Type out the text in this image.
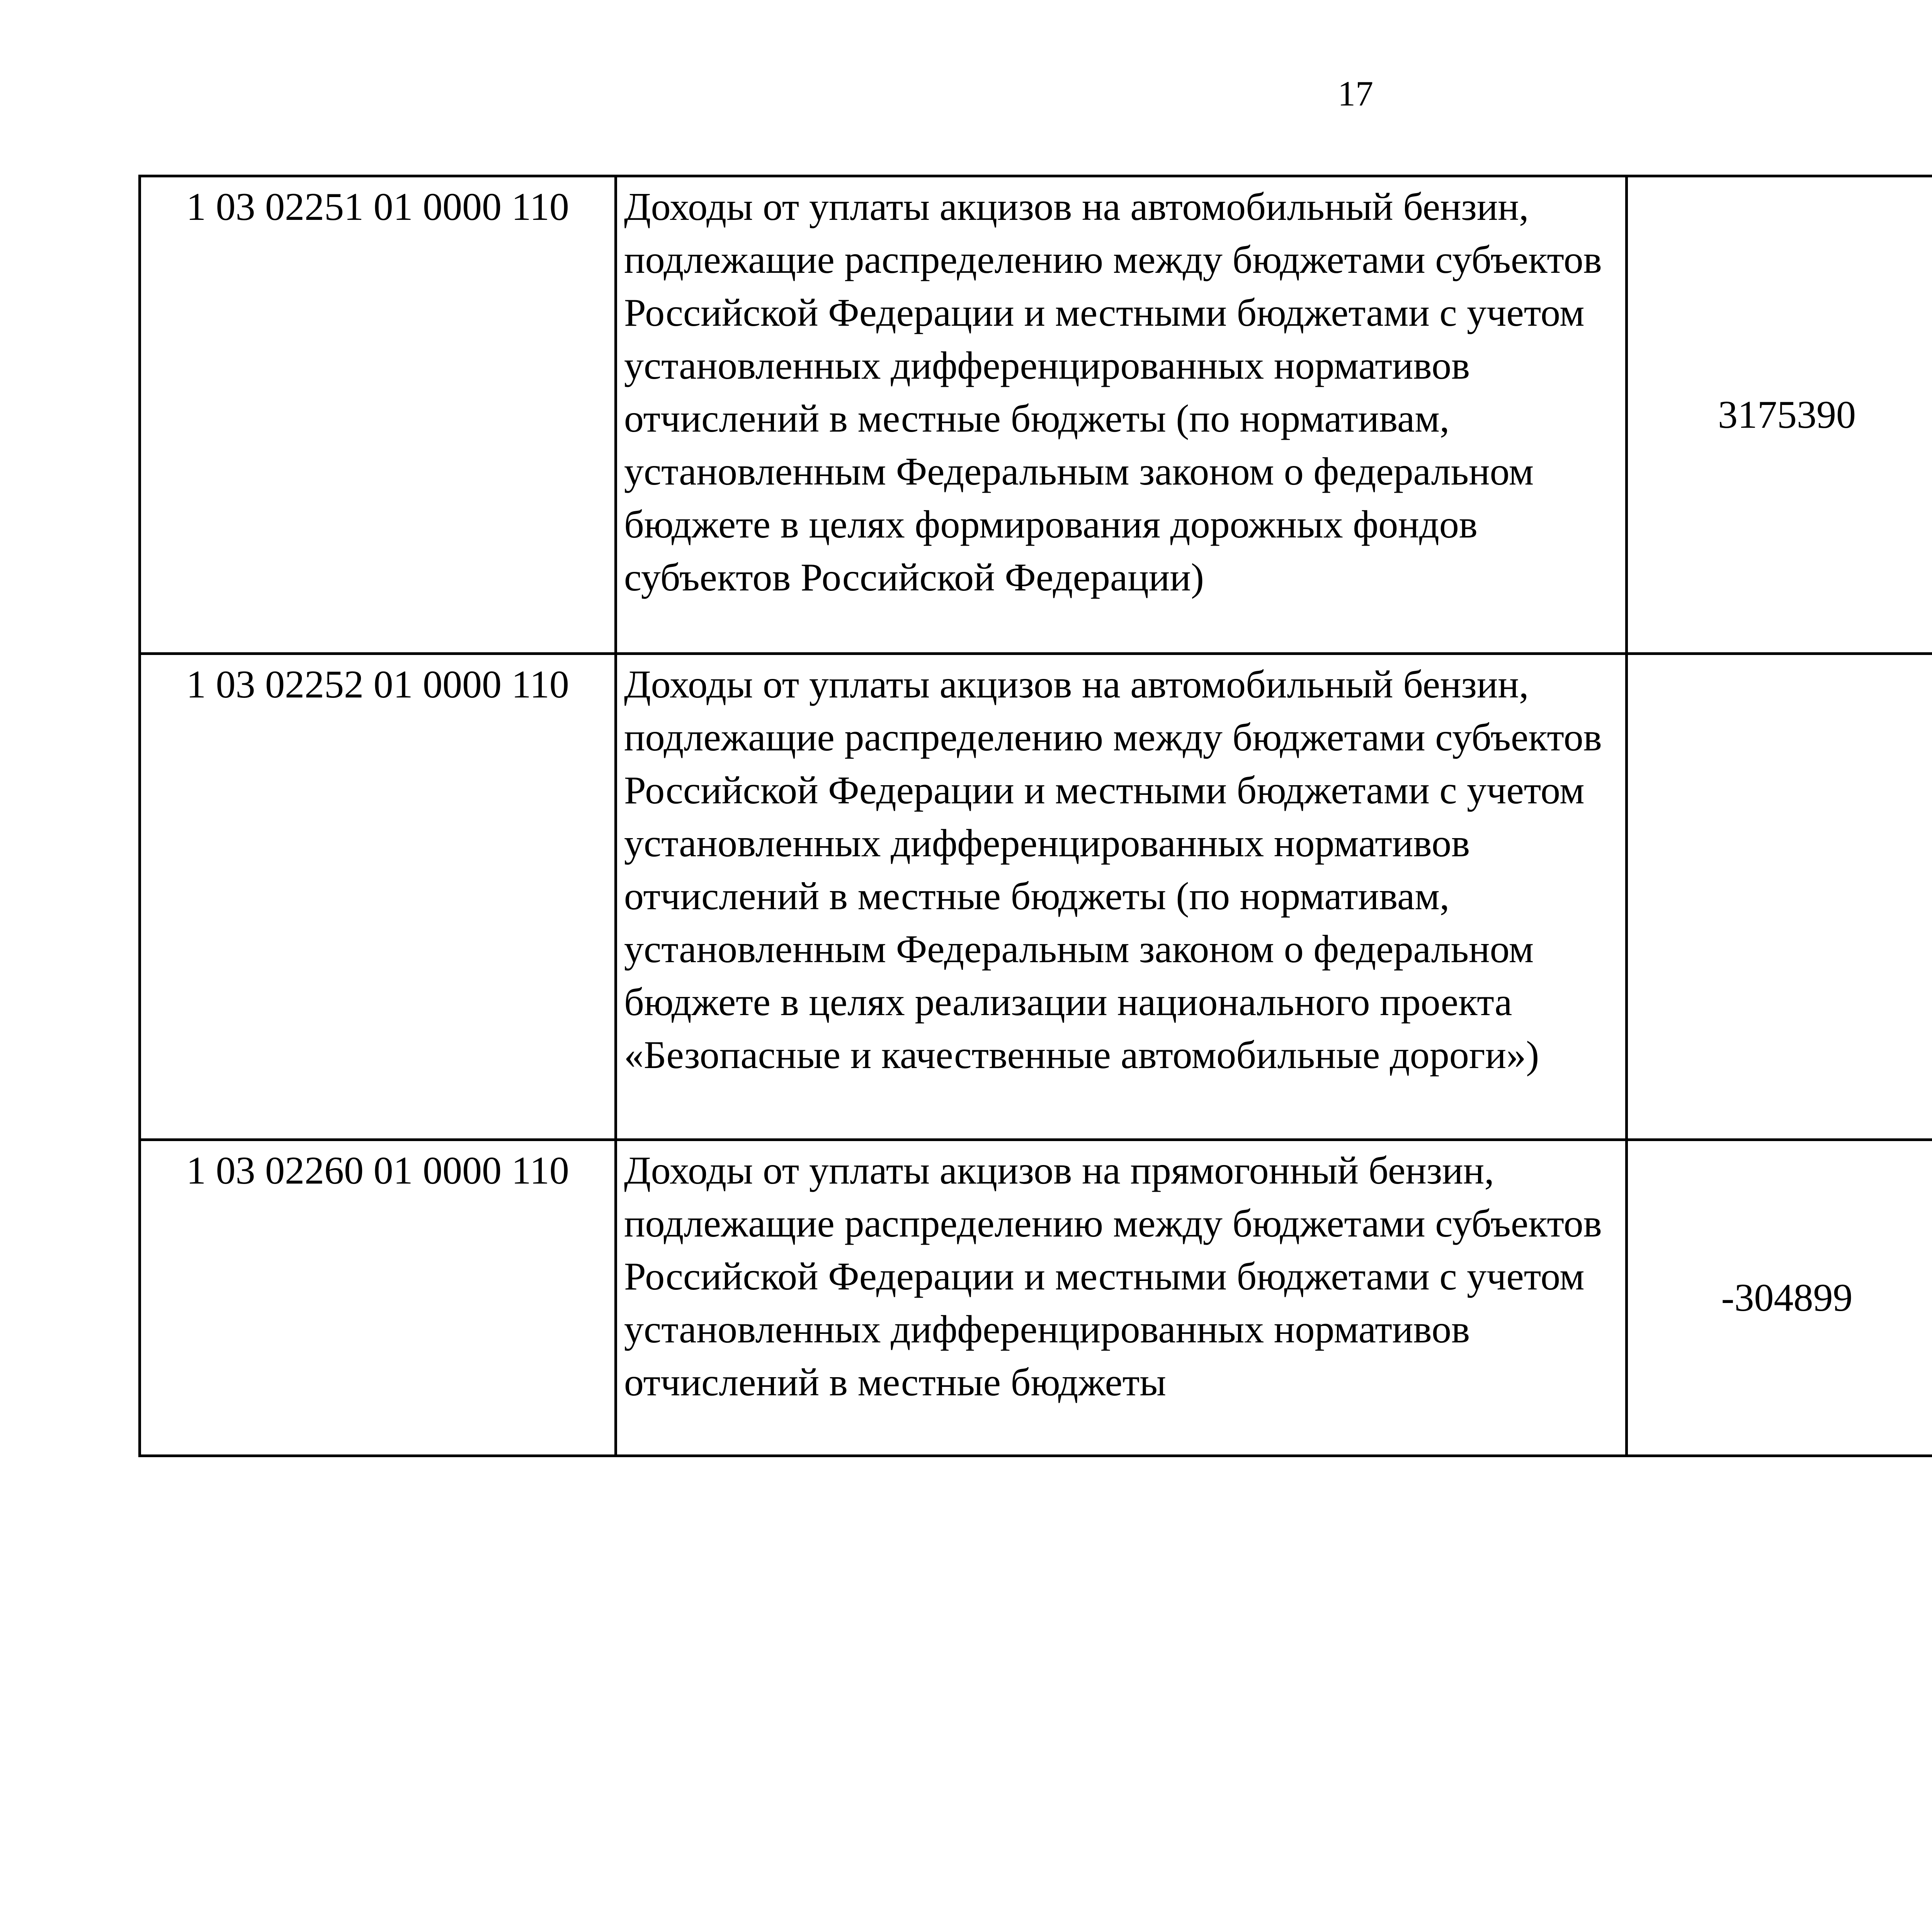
17
1 03 02251 01 0000 110	Доходы от уплаты акцизов на автомобильный бензин, подлежащие распределению между бюджетами субъектов Российской Федерации и местными бюджетами с учетом установленных дифференцированных нормативов отчислений в местные бюджеты (по нормативам, установленным Федеральным законом о федеральном бюджете в целях формирования дорожных фондов субъектов Российской Федерации)	3175390		
1 03 02252 01 0000 110	Доходы от уплаты акцизов на автомобильный бензин, подлежащие распределению между бюджетами субъектов Российской Федерации и местными бюджетами с учетом установленных дифференцированных нормативов отчислений в местные бюджеты (по нормативам, установленным Федеральным законом о федеральном бюджете в целях реализации национального проекта «Безопасные и качественные автомобильные дороги»)			
1 03 02260 01 0000 110	Доходы от уплаты акцизов на прямогонный бензин, подлежащие распределению между бюджетами субъектов Российской Федерации и местными бюджетами с учетом установленных дифференцированных нормативов отчислений в местные бюджеты	-304899		
